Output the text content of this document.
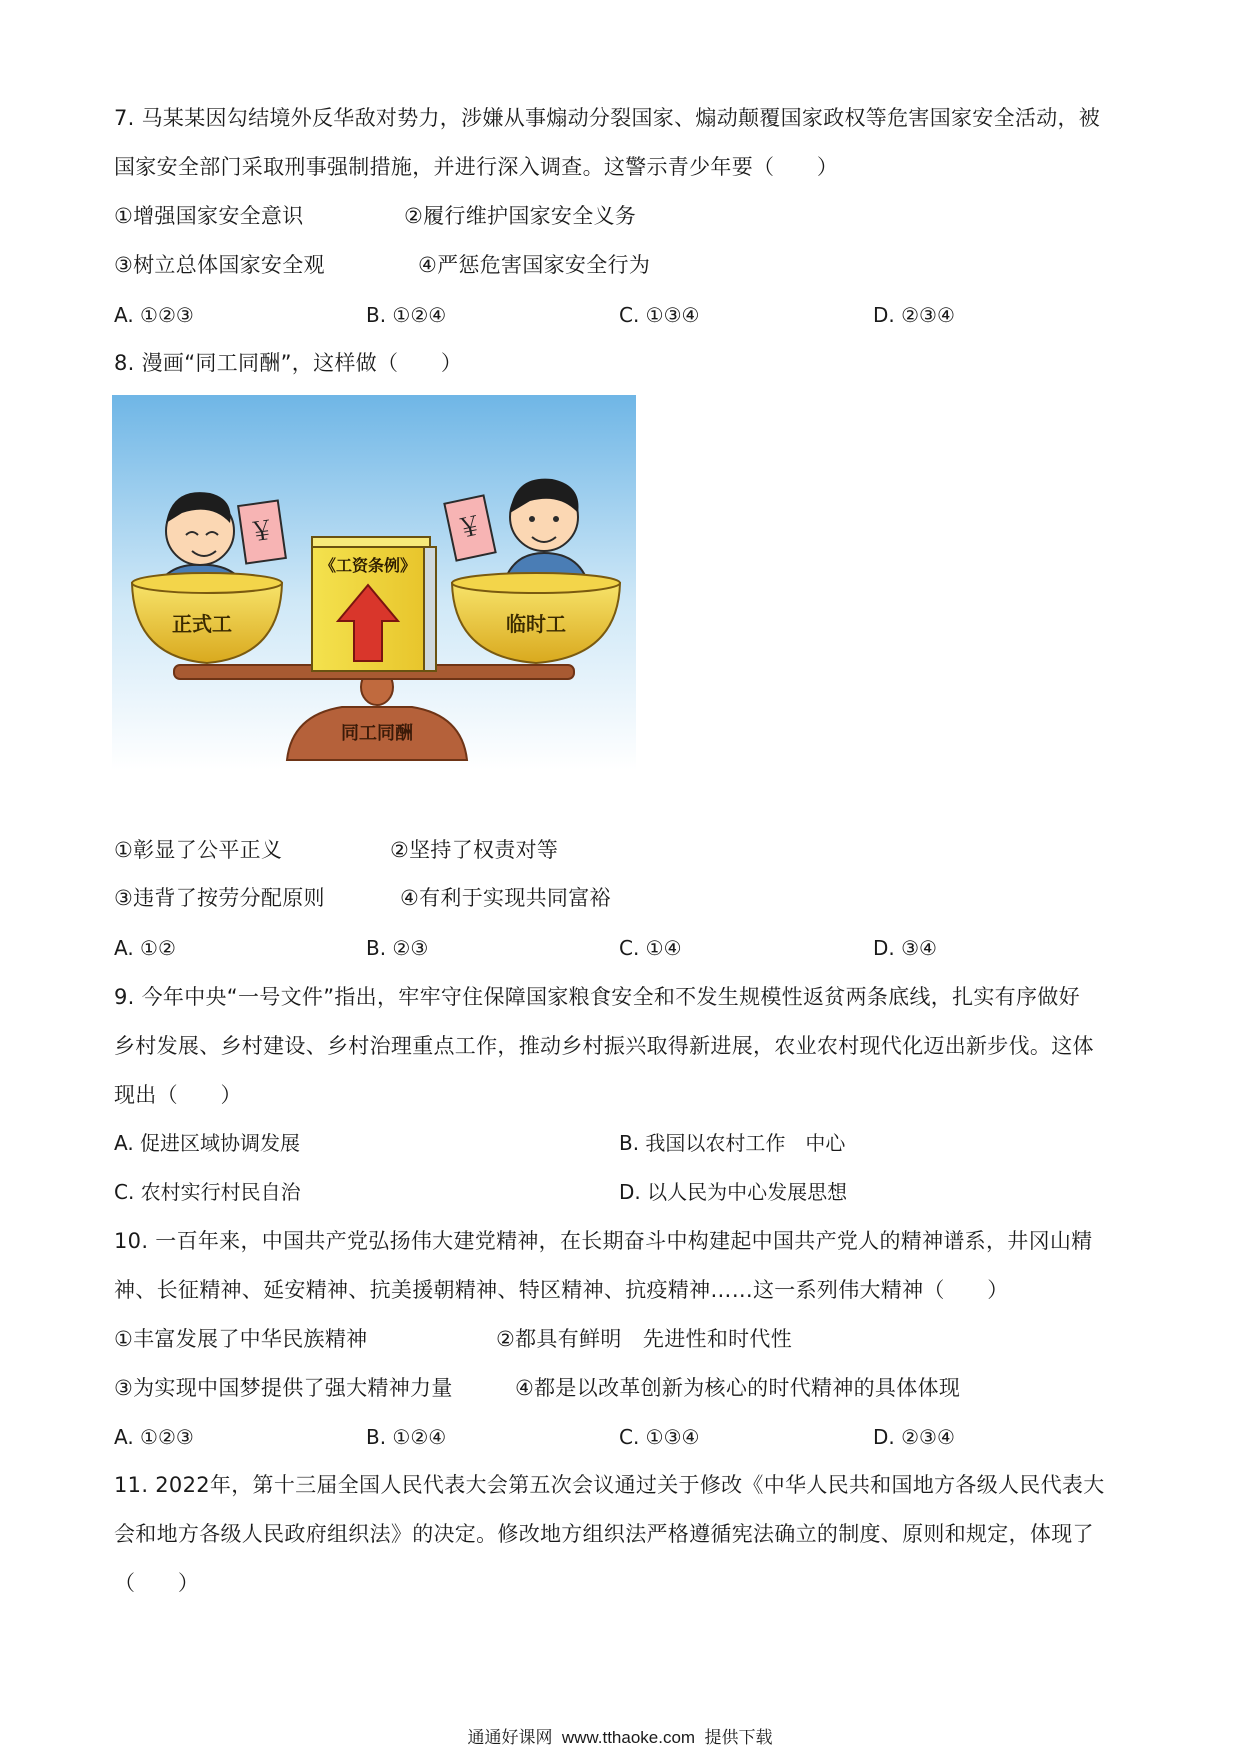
7. 马某某因勾结境外反华敌对势力，涉嫌从事煽动分裂国家、煽动颠覆国家政权等危害国家安全活动，被
国家安全部门采取刑事强制措施，并进行深入调查。这警示青少年要（　　）
①增强国家安全意识	②履行维护国家安全义务
③树立总体国家安全观	④严惩危害国家安全行为
A. ①②③	B. ①②④	C. ①③④	D. ②③④
8. 漫画“同工同酬”，这样做（　　）
同工同酬
￥
正式工
￥
临时工
《工资条例》
①彰显了公平正义	②坚持了权责对等
③违背了按劳分配原则	④有利于实现共同富裕
A. ①②	B. ②③	C. ①④	D. ③④
9. 今年中央“一号文件”指出，牢牢守住保障国家粮食安全和不发生规模性返贫两条底线，扎实有序做好
乡村发展、乡村建设、乡村治理重点工作，推动乡村振兴取得新进展，农业农村现代化迈出新步伐。这体
现出（　　）
A. 促进区域协调发展	B. 我国以农村工作　中心
C. 农村实行村民自治	D. 以人民为中心发展思想
10. 一百年来，中国共产党弘扬伟大建党精神，在长期奋斗中构建起中国共产党人的精神谱系，井冈山精
神、长征精神、延安精神、抗美援朝精神、特区精神、抗疫精神……这一系列伟大精神（　　）
①丰富发展了中华民族精神	②都具有鲜明　先进性和时代性
③为实现中国梦提供了强大精神力量	④都是以改革创新为核心的时代精神的具体体现
A. ①②③	B. ①②④	C. ①③④	D. ②③④
11. 2022年，第十三届全国人民代表大会第五次会议通过关于修改《中华人民共和国地方各级人民代表大
会和地方各级人民政府组织法》的决定。修改地方组织法严格遵循宪法确立的制度、原则和规定，体现了
（　　）
通通好课网 www.tthaoke.com 提供下载
